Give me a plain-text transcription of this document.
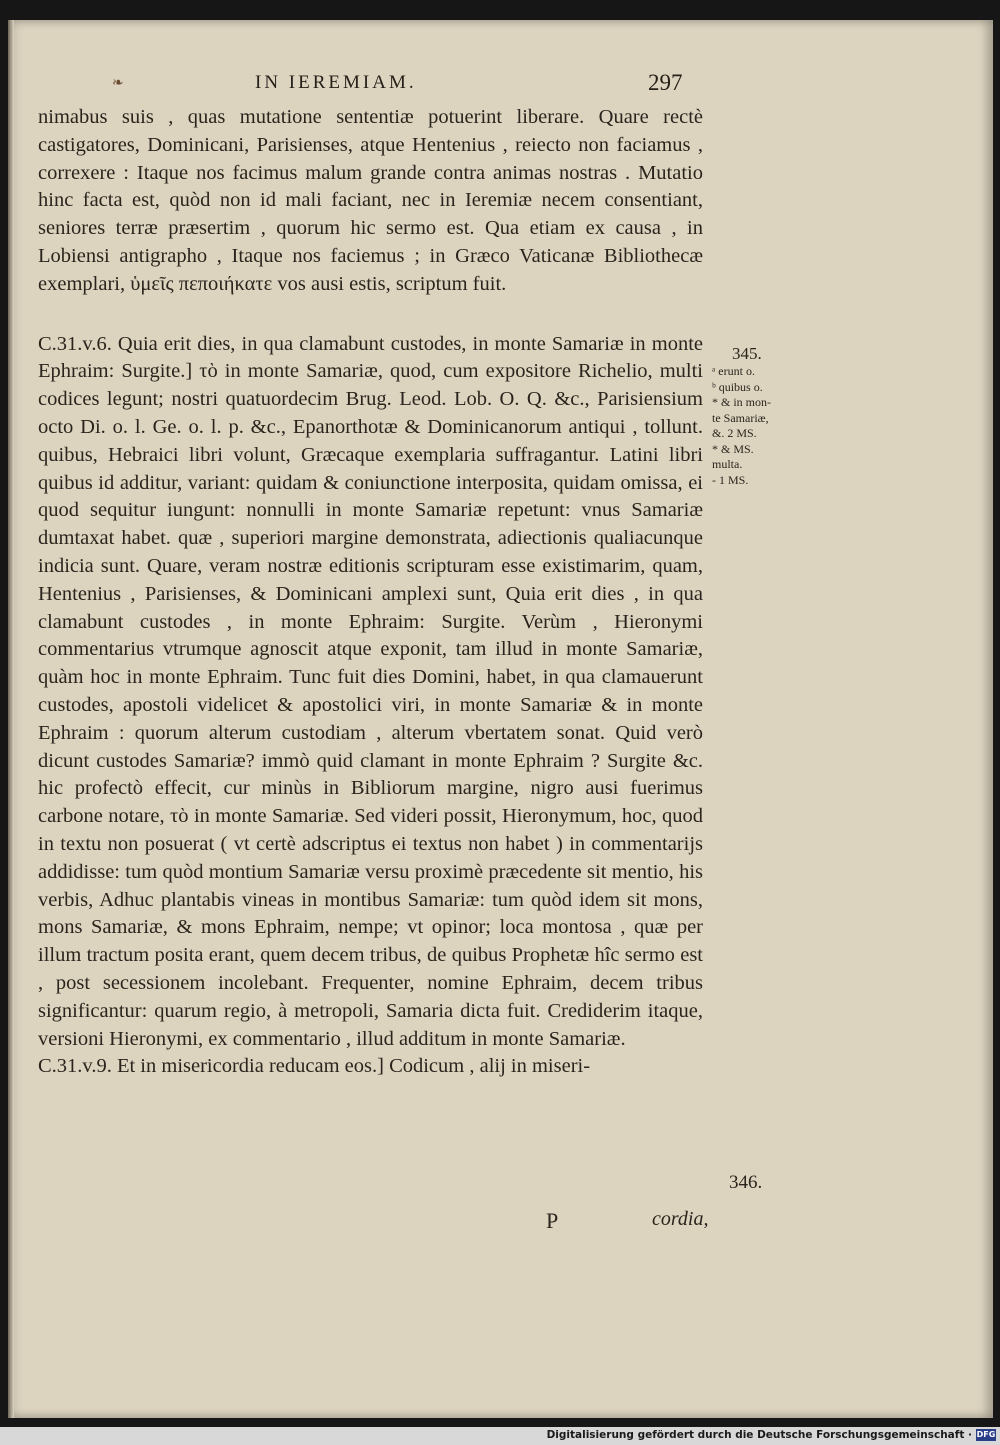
❧	IN IEREMIAM.	297

nimabus suis , quas mutatione sententiæ potuerint liberare. Quare rectè castigatores, Dominicani, Parisienses, atque Hentenius , reiecto non faciamus , correxere : Itaque nos facimus malum grande contra animas nostras . Mutatio hinc facta est, quòd non id mali faciant, nec in Ieremiæ necem consentiant, seniores terræ præsertim , quorum hic sermo est. Qua etiam ex causa , in Lobiensi antigrapho , Itaque nos faciemus ; in Græco Vaticanæ Bibliothecæ exemplari, ὑμεῖς πεποιήκατε vos ausi estis, scriptum fuit.

C.31.v.6. Quia erit dies, in qua clamabunt custodes, in monte Samariæ in monte Ephraim: Surgite.] τὸ in monte Samariæ, quod, cum expositore Richelio, multi codices legunt; nostri quatuordecim Brug. Leod. Lob. O. Q. &c., Parisiensium octo Di. o. l. Ge. o. l. p. &c., Epanorthotæ & Dominicanorum antiqui , tollunt. quibus, Hebraici libri volunt, Græcaque exemplaria suffragantur. Latini libri quibus id additur, variant: quidam & coniunctione interposita, quidam omissa, ei quod sequitur iungunt: nonnulli in monte Samariæ repetunt: vnus Samariæ dumtaxat habet. quæ , superiori margine demonstrata, adiectionis qualiacunque indicia sunt. Quare, veram nostræ editionis scripturam esse existimarim, quam, Hentenius , Parisienses, & Dominicani amplexi sunt, Quia erit dies , in qua clamabunt custodes , in monte Ephraim: Surgite. Verùm , Hieronymi commentarius vtrumque agnoscit atque exponit, tam illud in monte Samariæ, quàm hoc in monte Ephraim. Tunc fuit dies Domini, habet, in qua clamauerunt custodes, apostoli videlicet & apostolici viri, in monte Samariæ & in monte Ephraim : quorum alterum custodiam , alterum vbertatem sonat. Quid verò dicunt custodes Samariæ? immò quid clamant in monte Ephraim ? Surgite &c. hic profectò effecit, cur minùs in Bibliorum margine, nigro ausi fuerimus carbone notare, τὸ in monte Samariæ. Sed videri possit, Hieronymum, hoc, quod in textu non posuerat ( vt certè adscriptus ei textus non habet ) in commentarijs addidisse: tum quòd montium Samariæ versu proximè præcedente sit mentio, his verbis, Adhuc plantabis vineas in montibus Samariæ: tum quòd idem sit mons, mons Samariæ, & mons Ephraim, nempe; vt opinor; loca montosa , quæ per illum tractum posita erant, quem decem tribus, de quibus Prophetæ hîc sermo est , post secessionem incolebant. Frequenter, nomine Ephraim, decem tribus significantur: quarum regio, à metropoli, Samaria dicta fuit. Crediderim itaque, versioni Hieronymi, ex commentario , illud additum in monte Samariæ.

C.31.v.9. Et in misericordia reducam eos.] Codicum , alij in miseri-

345.
ᵃ erunt o.
ᵇ quibus o.
* & in mon-
te Samariæ,
&. 2 MS.
* & MS.
multa.
- 1 MS.
346.
P	cordia,
Digitalisierung gefördert durch die Deutsche Forschungsgemeinschaft · DFG
